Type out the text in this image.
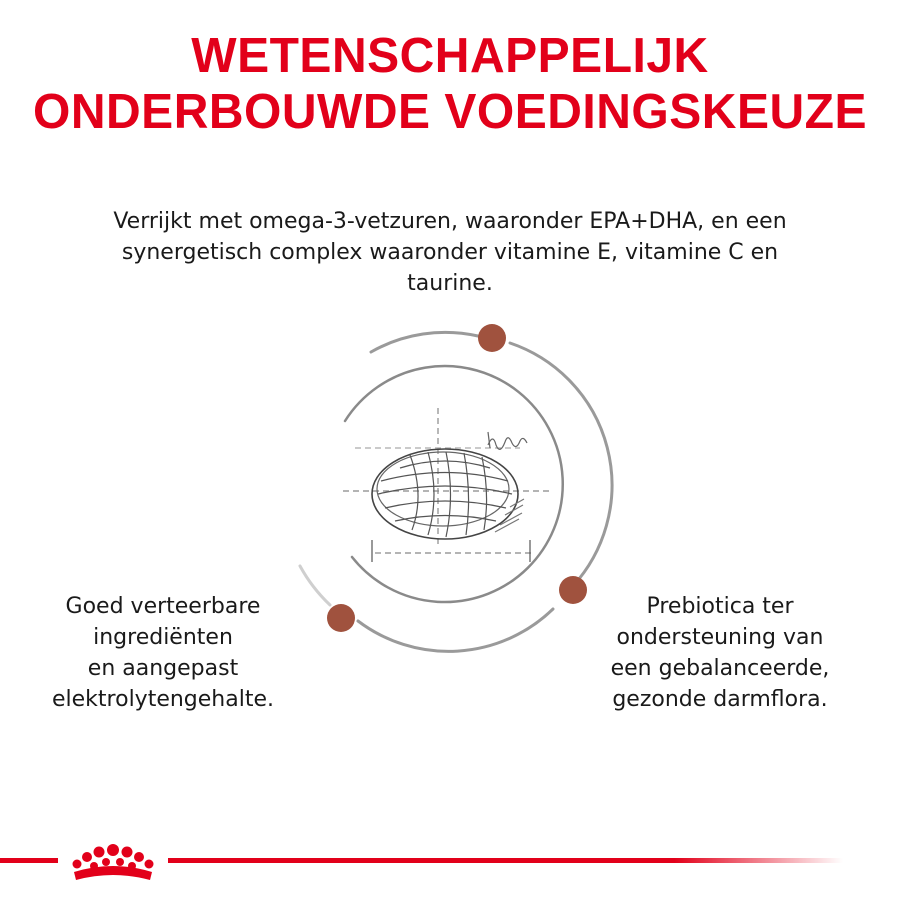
WETENSCHAPPELIJK
ONDERBOUWDE VOEDINGSKEUZE
Verrijkt met omega-3-vetzuren, waaronder EPA+DHA, en een
synergetisch complex waaronder vitamine E, vitamine C en
taurine.
Goed verteerbare
ingrediënten
en aangepast
elektrolytengehalte.
Prebiotica ter
ondersteuning van
een gebalanceerde,
gezonde darmflora.
